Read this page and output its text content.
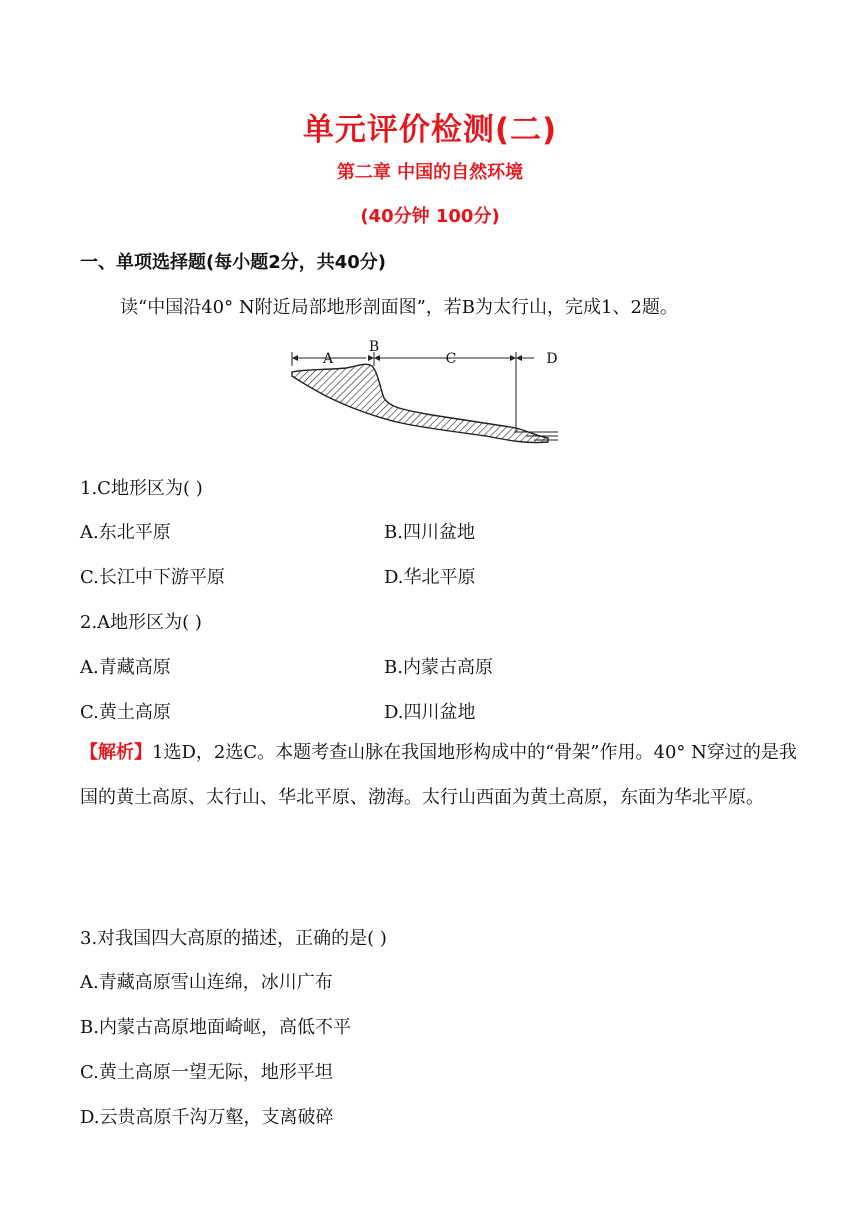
单元评价检测(二)
第二章 中国的自然环境
(40分钟 100分)
一、单项选择题(每小题2分，共40分)
读“中国沿40° N附近局部地形剖面图”，若B为太行山，完成1、2题。
A
B
C	D
1.C地形区为( )
A.东北平原	B.四川盆地
C.长江中下游平原	D.华北平原
2.A地形区为( )
A.青藏高原	B.内蒙古高原
C.黄土高原	D.四川盆地
【解析】1选D，2选C。本题考查山脉在我国地形构成中的“骨架”作用。40° N穿过的是我国的黄土高原、太行山、华北平原、渤海。太行山西面为黄土高原，东面为华北平原。
3.对我国四大高原的描述，正确的是( )
A.青藏高原雪山连绵，冰川广布
B.内蒙古高原地面崎岖，高低不平
C.黄土高原一望无际，地形平坦
D.云贵高原千沟万壑，支离破碎
